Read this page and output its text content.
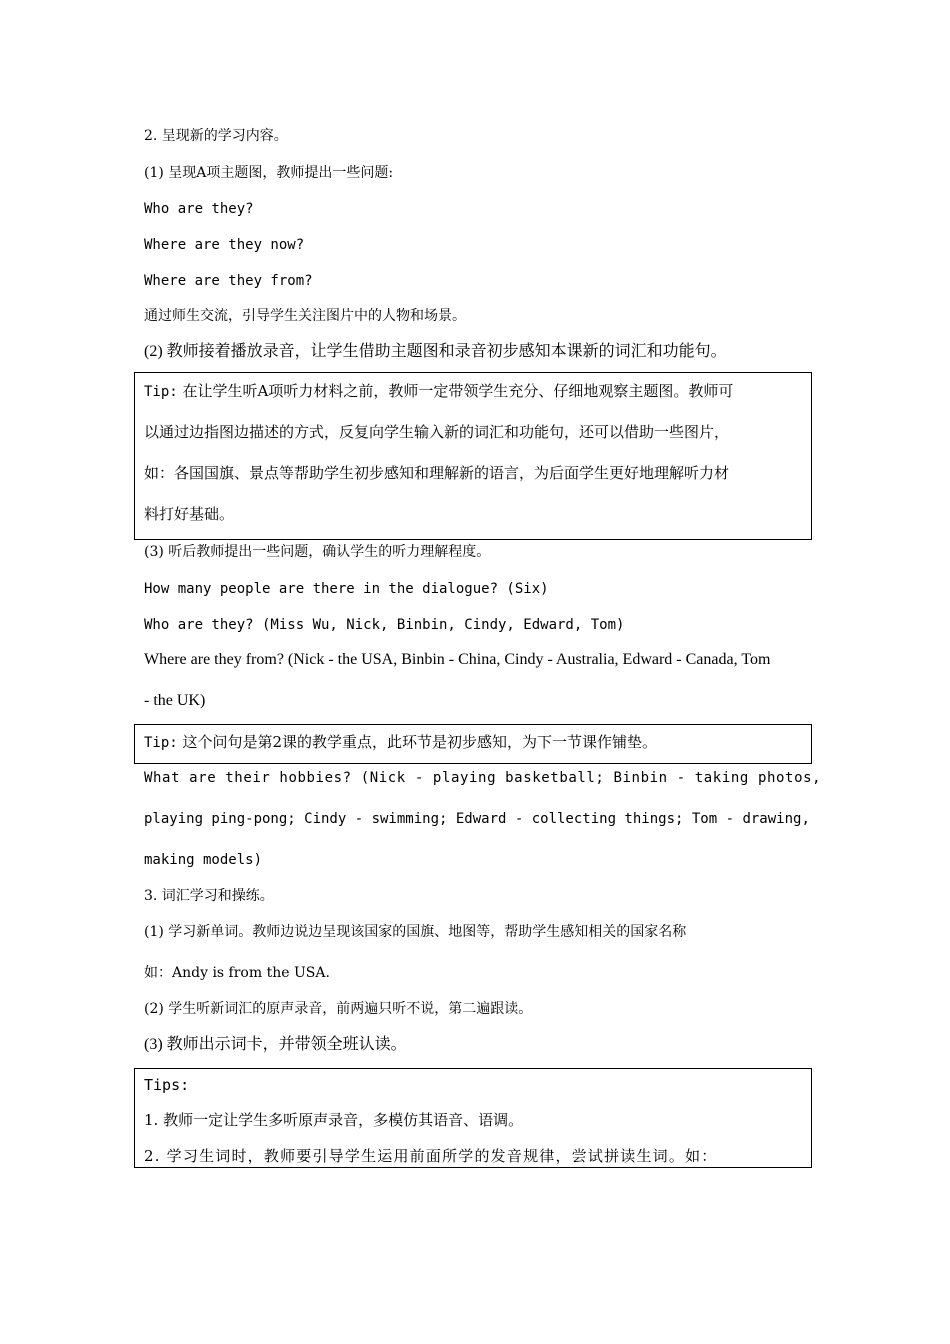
2. 呈现新的学习内容。

(1) 呈现A项主题图，教师提出一些问题:

Who are they?

Where are they now?

Where are they from?

通过师生交流，引导学生关注图片中的人物和场景。

(2) 教师接着播放录音，让学生借助主题图和录音初步感知本课新的词汇和功能句。

Tip: 在让学生听A项听力材料之前，教师一定带领学生充分、仔细地观察主题图。教师可

以通过边指图边描述的方式，反复向学生输入新的词汇和功能句，还可以借助一些图片，

如：各国国旗、景点等帮助学生初步感知和理解新的语言，为后面学生更好地理解听力材

料打好基础。

(3) 听后教师提出一些问题，确认学生的听力理解程度。

How many people are there in the dialogue? (Six)

Who are they? (Miss Wu, Nick, Binbin, Cindy, Edward, Tom)

Where are they from? (Nick - the USA, Binbin - China, Cindy - Australia, Edward - Canada, Tom

- the UK)

Tip: 这个问句是第2课的教学重点，此环节是初步感知，为下一节课作铺垫。

What are their hobbies? (Nick - playing basketball; Binbin - taking photos,

playing ping-pong; Cindy - swimming; Edward - collecting things; Tom - drawing,

making models)

3. 词汇学习和操练。

(1) 学习新单词。教师边说边呈现该国家的国旗、地图等，帮助学生感知相关的国家名称

如：Andy is from the USA.

(2) 学生听新词汇的原声录音，前两遍只听不说，第二遍跟读。

(3) 教师出示词卡，并带领全班认读。

Tips:

1. 教师一定让学生多听原声录音，多模仿其语音、语调。

2. 学习生词时，教师要引导学生运用前面所学的发音规律，尝试拼读生词。如：
